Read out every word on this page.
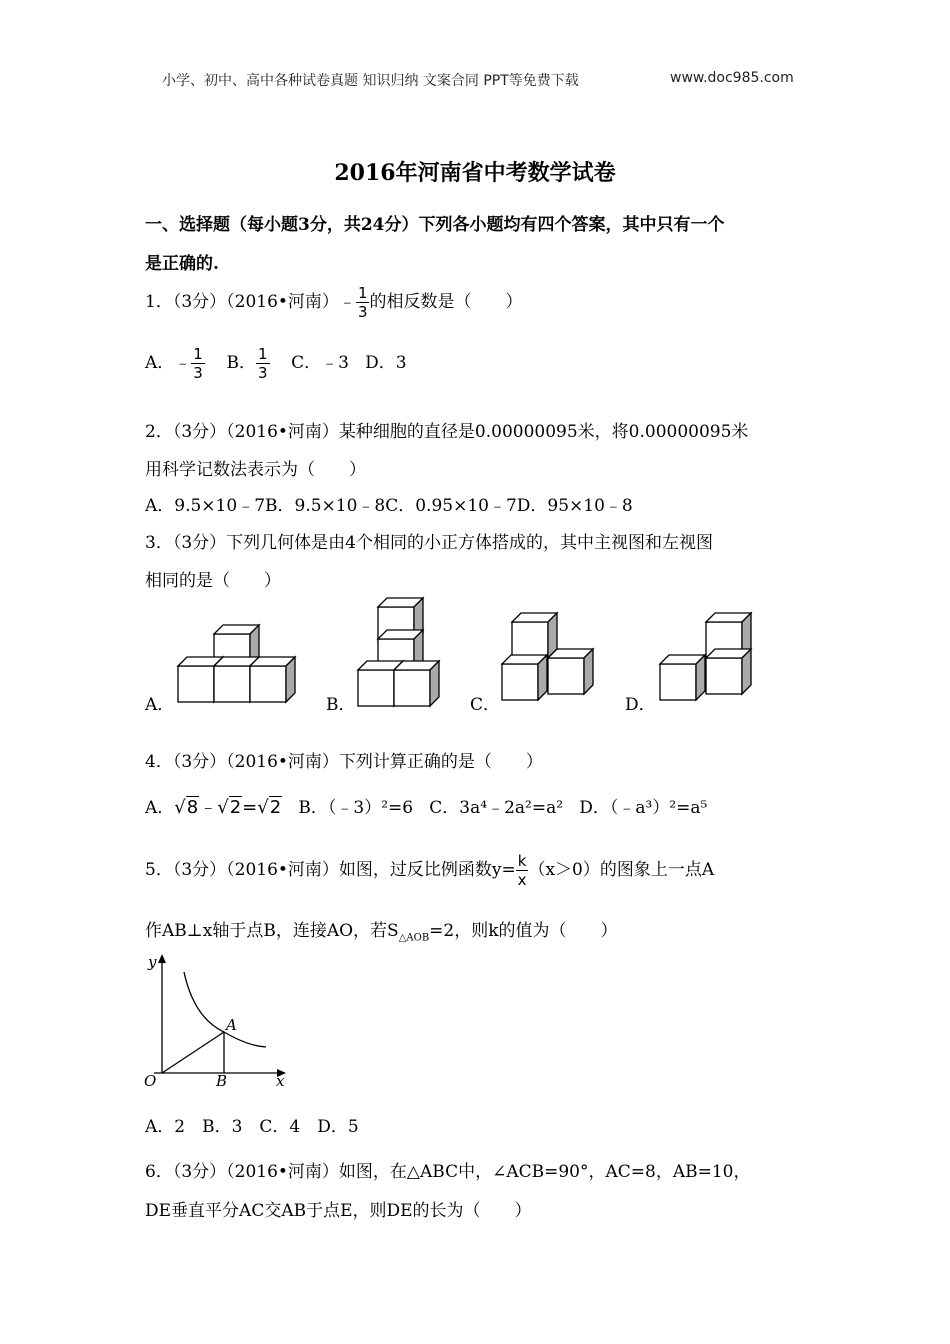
小学、初中、高中各种试卷真题 知识归纳 文案合同 PPT等免费下载	www.doc985.com
2016年河南省中考数学试卷
一、选择题（每小题3分，共24分）下列各小题均有四个答案，其中只有一个
是正确的.
1．（3分）（2016•河南）﹣ $\frac{1}{3}$ 的相反数是（　　）
A．﹣ $\frac{1}{3}$ B． $\frac{1}{3}$ C．﹣3 D．3
2．（3分）（2016•河南）某种细胞的直径是0.00000095米，将0.00000095米
用科学记数法表示为（　　）
A．9.5×10﹣7B．9.5×10﹣8C．0.95×10﹣7D．95×10﹣8
3．（3分）下列几何体是由4个相同的小正方体搭成的，其中主视图和左视图
相同的是（　　）
A．	B．	C．	D．
4．（3分）（2016•河南）下列计算正确的是（　　）
A．√8﹣√2=√2 B．（﹣3）²=6 C．3a⁴﹣2a²=a² D．（﹣a³）²=a⁵
5．（3分）（2016•河南）如图，过反比例函数$y= \frac{k}{x} (x>0)$的图象上一点A
作AB⊥x轴于点B，连接AO，若$S_{\triangle AOB}=2$，则k的值为（　　）
y
x
O
A
B
A．2　B．3　C．4　D．5
6．（3分）（2016•河南）如图，在△ABC中，∠ACB=90°，AC=8，AB=10，
DE垂直平分AC交AB于点E，则DE的长为（　　）
